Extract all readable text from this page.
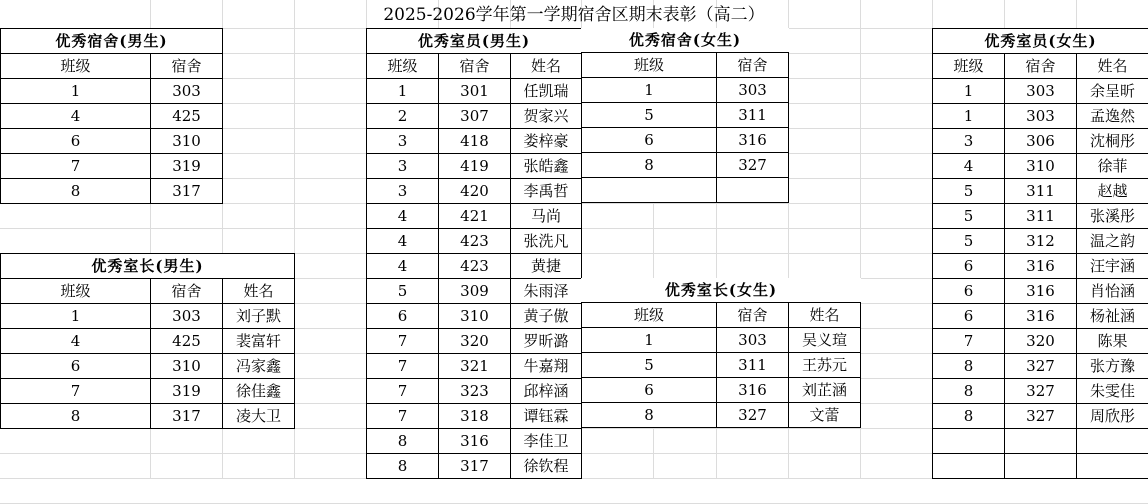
2025-2026学年第一学期宿舍区期末表彰（高二）
优秀宿舍(男生)	
班级	宿舍
1	303
4	425
6	310
7	319
8	317
优秀室长(男生)		
班级	宿舍	姓名
1	303	刘子默
4	425	裴富轩
6	310	冯家鑫
7	319	徐佳鑫
8	317	凌大卫
优秀室员(男生)		
班级	宿舍	姓名
1	301	任凯瑞
2	307	贺家兴
3	418	娄梓豪
3	419	张皓鑫
3	420	李禹哲
4	421	马尚
4	423	张洗凡
4	423	黄捷
5	309	朱雨泽
6	310	黄子傲
7	320	罗昕潞
7	321	牛嘉翔
7	323	邱梓涵
7	318	谭钰霖
8	316	李佳卫
8	317	徐钦程
优秀宿舍(女生)	
班级	宿舍
1	303
5	311
6	316
8	327

优秀室长(女生)		
班级	宿舍	姓名
1	303	吴义瑄
5	311	王苏元
6	316	刘芷涵
8	327	文蕾
优秀室员(女生)		
班级	宿舍	姓名
1	303	余呈昕
1	303	孟逸然
3	306	沈桐彤
4	310	徐菲
5	311	赵越
5	311	张溪彤
5	312	温之韵
6	316	汪宇涵
6	316	肖怡涵
6	316	杨祉涵
7	320	陈果
8	327	张方豫
8	327	朱雯佳
8	327	周欣彤
